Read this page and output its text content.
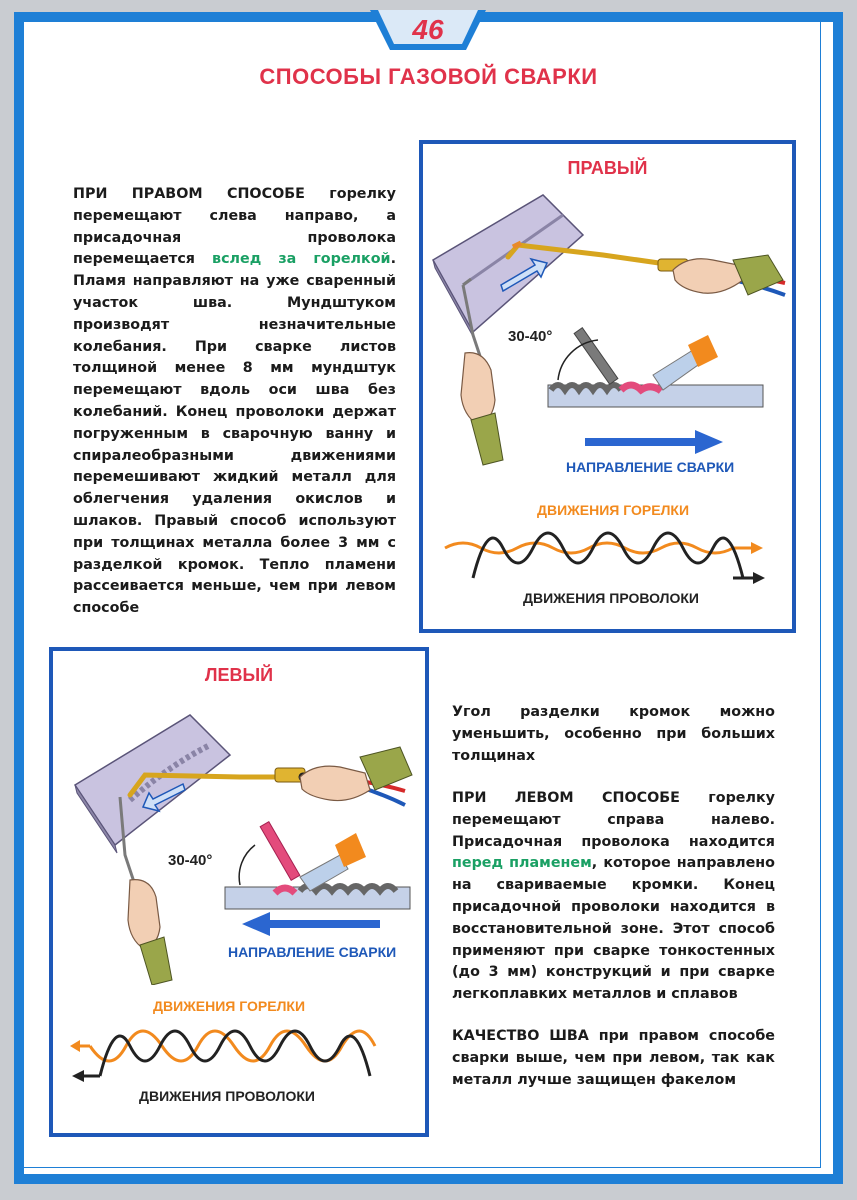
46
СПОСОБЫ ГАЗОВОЙ СВАРКИ
ПРИ ПРАВОМ СПОСОБЕ горелку перемещают слева направо, а присадочная проволока перемещается вслед за горелкой. Пламя направляют на уже сваренный участок шва. Мундштуком производят незначительные колебания. При сварке листов толщиной менее 8 мм мундштук перемещают вдоль оси шва без колебаний. Конец проволоки держат погруженным в сварочную ванну и спиралеобразными движениями перемешивают жидкий металл для облегчения удаления окислов и шлаков. Правый способ используют при толщинах металла более 3 мм с разделкой кромок. Тепло пламени рассеивается меньше, чем при левом способе
ПРАВЫЙ
30-40°
НАПРАВЛЕНИЕ СВАРКИ
ДВИЖЕНИЯ ГОРЕЛКИ
ДВИЖЕНИЯ ПРОВОЛОКИ
ЛЕВЫЙ
30-40°
НАПРАВЛЕНИЕ СВАРКИ
ДВИЖЕНИЯ ГОРЕЛКИ
ДВИЖЕНИЯ ПРОВОЛОКИ
Угол разделки кромок можно уменьшить, особенно при больших толщинах
ПРИ ЛЕВОМ СПОСОБЕ горелку перемещают справа налево. Присадочная проволока находится перед пламенем, которое направлено на свариваемые кромки. Конец присадочной проволоки находится в восстановительной зоне. Этот способ применяют при сварке тонкостенных (до 3 мм) конструкций и при сварке легкоплавких металлов и сплавов
КАЧЕСТВО ШВА при правом способе сварки выше, чем при левом, так как металл лучше защищен факелом
